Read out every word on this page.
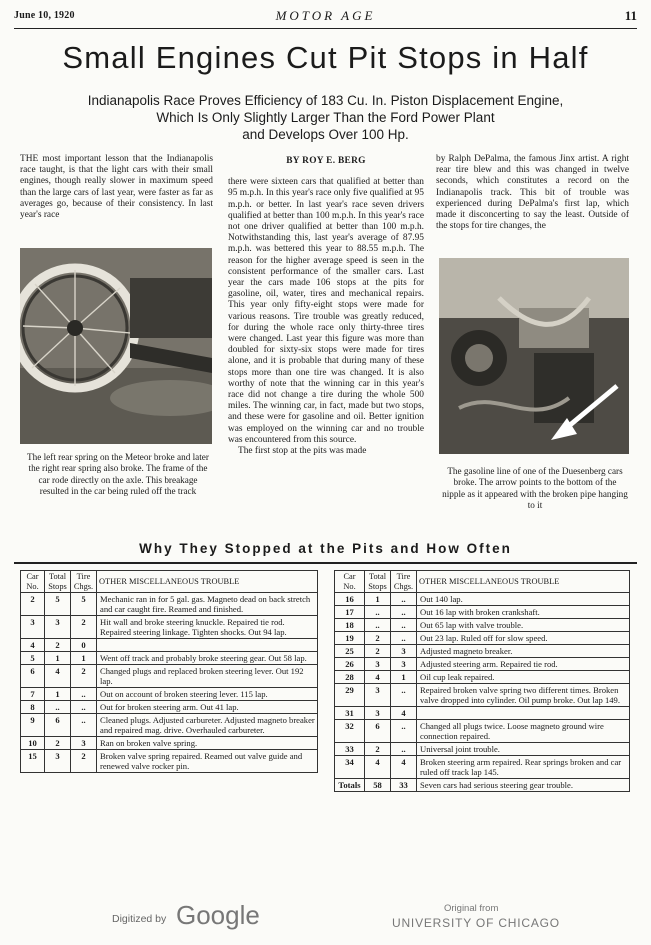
June 10, 1920	MOTOR AGE	11
Small Engines Cut Pit Stops in Half
Indianapolis Race Proves Efficiency of 183 Cu. In. Piston Displacement Engine,
Which Is Only Slightly Larger Than the Ford Power Plant
and Develops Over 100 Hp.

THE most important lesson that the Indianapolis race taught, is that the light cars with their small engines, though really slower in maximum speed than the large cars of last year, were faster as far as averages go, because of their consistency. In last year's race

The left rear spring on the Meteor broke and later the right rear spring also broke. The frame of the car rode directly on the axle. This breakage resulted in the car being ruled off the track
BY ROY E. BERG

there were sixteen cars that qualified at better than 95 m.p.h. In this year's race only five qualified at 95 m.p.h. or better. In last year's race seven drivers qualified at better than 100 m.p.h. In this year's race not one driver qualified at better than 100 m.p.h. Notwithstanding this, last year's average of 87.95 m.p.h. was bettered this year to 88.55 m.p.h. The reason for the higher average speed is seen in the consistent performance of the smaller cars. Last year the cars made 106 stops at the pits for gasoline, oil, water, tires and mechanical repairs. This year only fifty-eight stops were made for various reasons. Tire trouble was greatly reduced, for during the whole race only thirty-three tires were changed. Last year this figure was more than doubled for sixty-six stops were made for tires alone, and it is probable that during many of these stops more than one tire was changed. It is also worthy of note that the winning car in this year's race did not change a tire during the whole 500 miles. The winning car, in fact, made but two stops, and these were for gasoline and oil. Better ignition was employed on the winning car and no trouble was encountered from this source.

The first stop at the pits was made

by Ralph DePalma, the famous Jinx artist. A right rear tire blew and this was changed in twelve seconds, which constitutes a record on the Indianapolis track. This bit of trouble was experienced during DePalma's first lap, which made it disconcerting to say the least. Outside of the stops for tire changes, the

The gasoline line of one of the Duesenberg cars broke. The arrow points to the bottom of the nipple as it appeared with the broken pipe hanging to it
Why They Stopped at the Pits and How Often
Car No.	Total Stops	Tire Chgs.	OTHER MISCELLANEOUS TROUBLE
2	5	5	Mechanic ran in for 5 gal. gas. Magneto dead on back stretch and car caught fire. Reamed and finished.
3	3	2	Hit wall and broke steering knuckle. Repaired tie rod. Repaired steering linkage. Tighten shocks. Out 94 lap.
4	2	0	
5	1	1	Went off track and probably broke steering gear. Out 58 lap.
6	4	2	Changed plugs and replaced broken steering lever. Out 192 lap.
7	1	..	Out on account of broken steering lever. 115 lap.
8	..	..	Out for broken steering arm. Out 41 lap.
9	6	..	Cleaned plugs. Adjusted carbureter. Adjusted magneto breaker and repaired mag. drive. Overhauled carbureter.
10	2	3	Ran on broken valve spring.
15	3	2	Broken valve spring repaired. Reamed out valve guide and renewed valve rocker pin.
Car No.	Total Stops	Tire Chgs.	OTHER MISCELLANEOUS TROUBLE
16	1	..	Out 140 lap.
17	..	..	Out 16 lap with broken crankshaft.
18	..	..	Out 65 lap with valve trouble.
19	2	..	Out 23 lap. Ruled off for slow speed.
25	2	3	Adjusted magneto breaker.
26	3	3	Adjusted steering arm. Repaired tie rod.
28	4	1	Oil cup leak repaired.
29	3	..	Repaired broken valve spring two different times. Broken valve dropped into cylinder. Oil pump broke. Out lap 149.
31	3	4	
32	6	..	Changed all plugs twice. Loose magneto ground wire connection repaired.
33	2	..	Universal joint trouble.
34	4	4	Broken steering arm repaired. Rear springs broken and car ruled off track lap 145.
Totals	58	33	Seven cars had serious steering gear trouble.
Digitized by Google	Original from
UNIVERSITY OF CHICAGO
